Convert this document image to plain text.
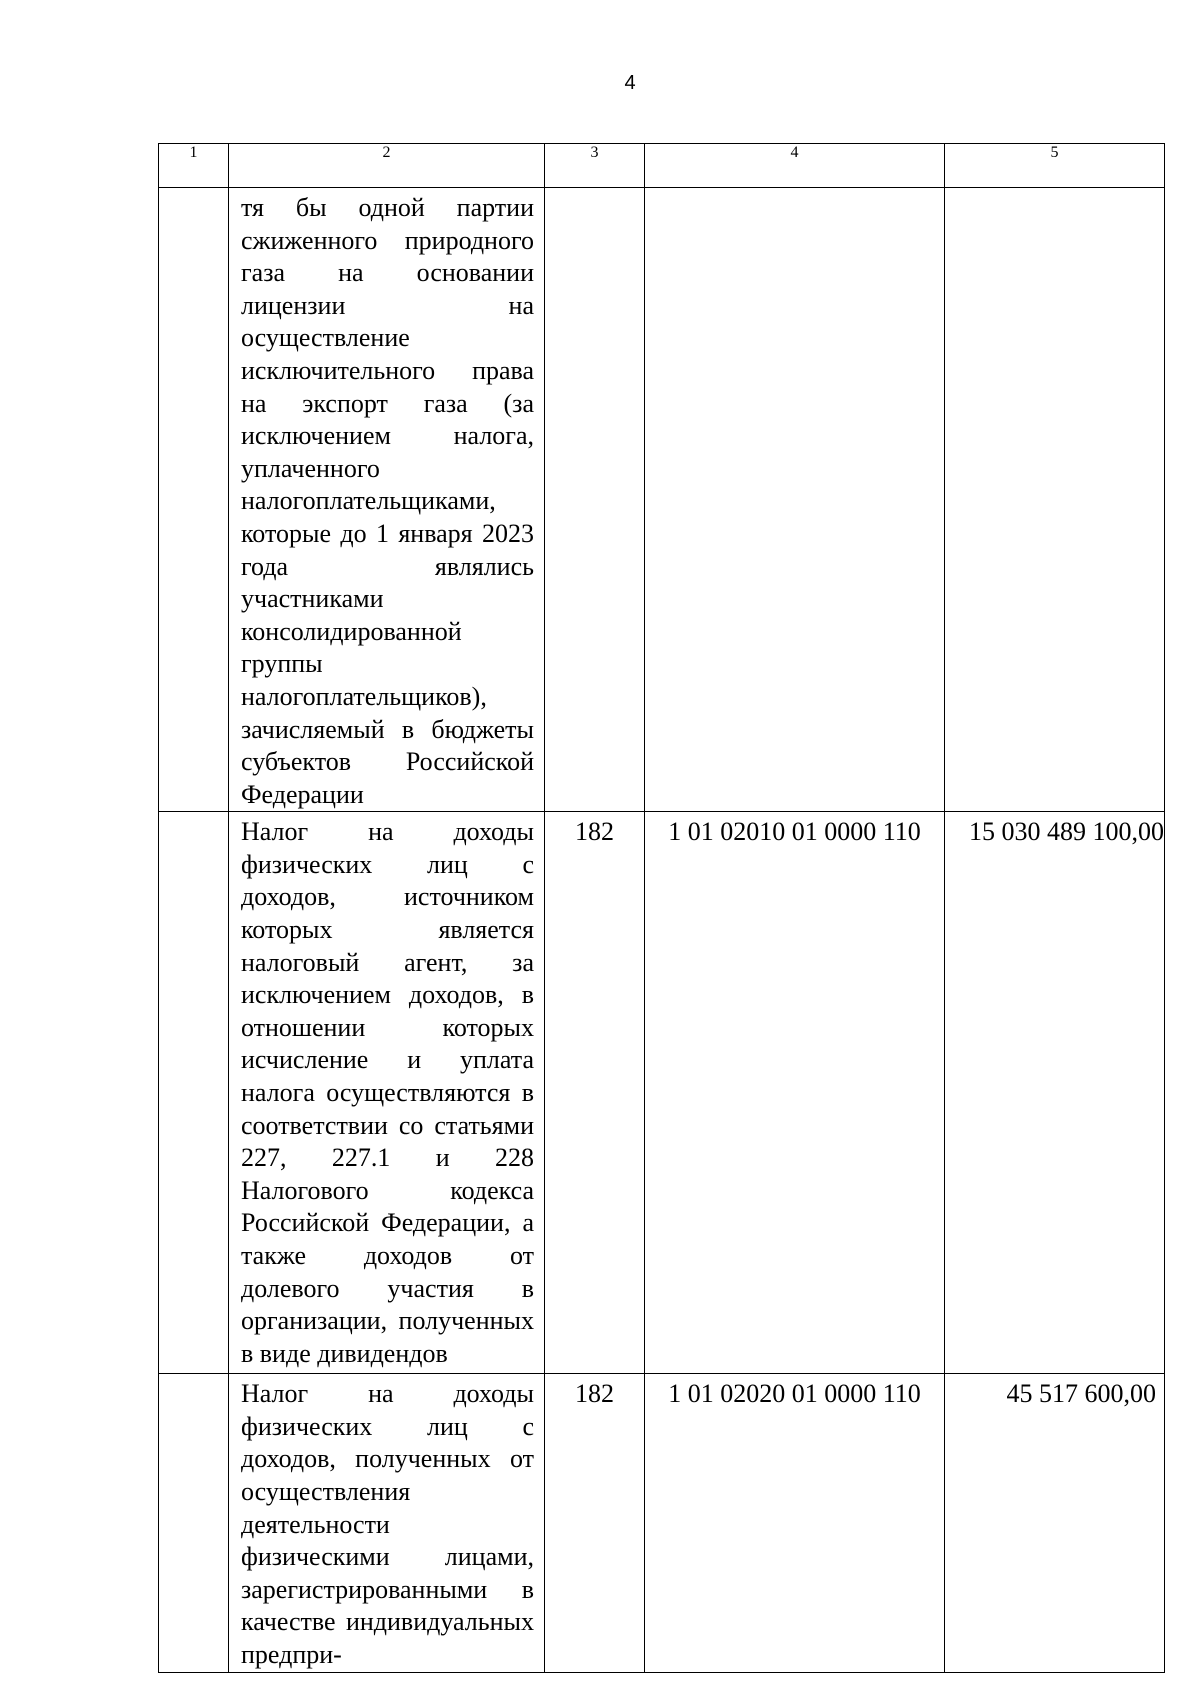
4
1	2	3	4	5
	тя бы одной партии сжиженного природного газа на основании лицензии на осуществление исключительного права на экспорт газа (за исключением налога, уплаченного налогоплательщиками, которые до 1 января 2023 года являлись участниками консолидированной группы налогоплательщиков), зачисляемый в бюджеты субъектов Российской Федерации			
	Налог на доходы физических лиц с доходов, источником которых является налоговый агент, за исключением доходов, в отношении которых исчисление и уплата налога осуществляются в соответствии со статьями 227, 227.1 и 228 Налогового кодекса Российской Федерации, а также доходов от долевого участия в организации, полученных в виде дивидендов	182	1 01 02010 01 0000 110	15 030 489 100,00
	Налог на доходы физических лиц с доходов, полученных от осуществления деятельности физическими лицами, зарегистрированными в качестве индивидуальных предпри-	182	1 01 02020 01 0000 110	45 517 600,00
